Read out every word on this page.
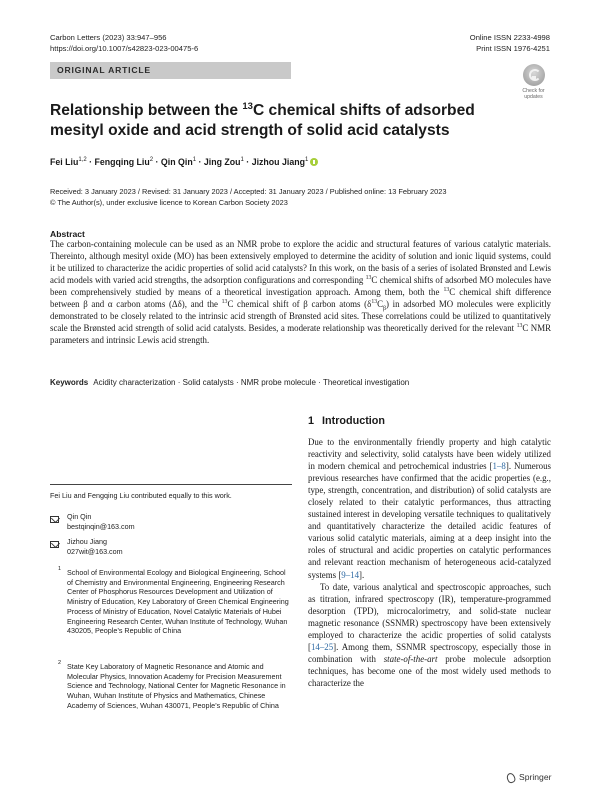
Carbon Letters (2023) 33:947–956
https://doi.org/10.1007/s42823-023-00475-6
Online ISSN 2233-4998
Print ISSN 1976-4251
ORIGINAL ARTICLE
Check for
updates
Relationship between the $^{13}$C chemical shifts of adsorbed mesityl oxide and acid strength of solid acid catalysts
Fei Liu$^{1,2}$ · Fengqing Liu$^2$ · Qin Qin$^1$ · Jing Zou$^1$ · Jizhou Jiang$^1$
Received: 3 January 2023 / Revised: 31 January 2023 / Accepted: 31 January 2023 / Published online: 13 February 2023
© The Author(s), under exclusive licence to Korean Carbon Society 2023
Abstract
The carbon-containing molecule can be used as an NMR probe to explore the acidic and structural features of various catalytic materials. Thereinto, although mesityl oxide (MO) has been extensively employed to determine the acidity of solution and ionic liquid systems, could it be utilized to characterize the acidic properties of solid acid catalysts? In this work, on the basis of a series of isolated Brønsted and Lewis acid models with varied acid strengths, the adsorption configurations and corresponding $^{13}$C chemical shifts of adsorbed MO molecules have been comprehensively studied by means of a theoretical investigation approach. Among them, both the $^{13}$C chemical shift difference between β and α carbon atoms (Δδ), and the $^{13}$C chemical shift of β carbon atoms $(\delta^{13}C_\beta)$ in adsorbed MO molecules were explicitly demonstrated to be closely related to the intrinsic acid strength of Brønsted acid sites. These correlations could be utilized to quantitatively scale the Brønsted acid strength of solid acid catalysts. Besides, a moderate relationship was theoretically derived for the relevant $^{13}$C NMR parameters and intrinsic Lewis acid strength.
Keywords Acidity characterization · Solid catalysts · NMR probe molecule · Theoretical investigation
1 Introduction

Due to the environmentally friendly property and high catalytic reactivity and selectivity, solid catalysts have been widely utilized in modern chemical and petrochemical industries [1–8]. Numerous previous researches have confirmed that the acidic properties (e.g., type, strength, concentration, and distribution) of solid catalysts are closely related to their catalytic performances, thus attracting sustained interest in developing versatile techniques to qualitatively and quantitatively characterize the detailed acidic features of various solid catalytic materials, aiming at a deep insight into the roles of structural and acidic properties on catalytic performances and relevant reaction mechanism of heterogeneous acid-catalyzed systems [9–14].

To date, various analytical and spectroscopic approaches, such as titration, infrared spectroscopy (IR), temperature-programmed desorption (TPD), microcalorimetry, and solid-state nuclear magnetic resonance (SSNMR) spectroscopy have been extensively employed to characterize the acidic properties of solid catalysts [14–25]. Among them, SSNMR spectroscopy, especially those in combination with state-of-the-art probe molecule adsorption techniques, has become one of the most widely used methods to characterize the

Fei Liu and Fengqing Liu contributed equally to this work.
Qin Qin
bestqinqin@163.com
Jizhou Jiang
027wit@163.com
1 School of Environmental Ecology and Biological Engineering, School of Chemistry and Environmental Engineering, Engineering Research Center of Phosphorus Resources Development and Utilization of Ministry of Education, Key Laboratory of Green Chemical Engineering Process of Ministry of Education, Novel Catalytic Materials of Hubei Engineering Research Center, Wuhan Institute of Technology, Wuhan 430205, People’s Republic of China
2 State Key Laboratory of Magnetic Resonance and Atomic and Molecular Physics, Innovation Academy for Precision Measurement Science and Technology, National Center for Magnetic Resonance in Wuhan, Wuhan Institute of Physics and Mathematics, Chinese Academy of Sciences, Wuhan 430071, People’s Republic of China
Springer
